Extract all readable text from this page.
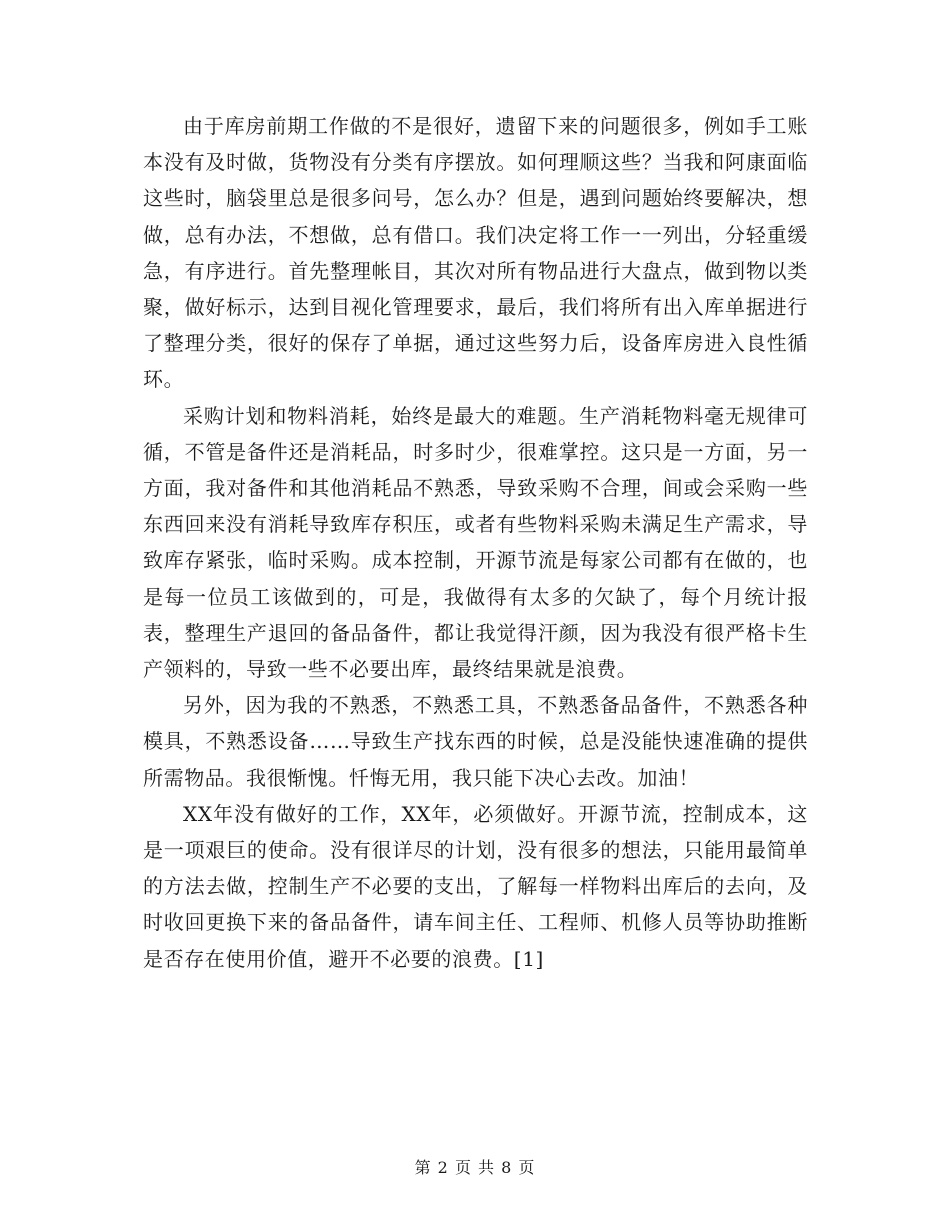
由于库房前期工作做的不是很好，遗留下来的问题很多，例如手工账本没有及时做，货物没有分类有序摆放。如何理顺这些？当我和阿康面临这些时，脑袋里总是很多问号，怎么办？但是，遇到问题始终要解决，想做，总有办法，不想做，总有借口。我们决定将工作一一列出，分轻重缓急，有序进行。首先整理帐目，其次对所有物品进行大盘点，做到物以类聚，做好标示，达到目视化管理要求，最后，我们将所有出入库单据进行了整理分类，很好的保存了单据，通过这些努力后，设备库房进入良性循环。

采购计划和物料消耗，始终是最大的难题。生产消耗物料毫无规律可循，不管是备件还是消耗品，时多时少，很难掌控。这只是一方面，另一方面，我对备件和其他消耗品不熟悉，导致采购不合理，间或会采购一些东西回来没有消耗导致库存积压，或者有些物料采购未满足生产需求，导致库存紧张，临时采购。成本控制，开源节流是每家公司都有在做的，也是每一位员工该做到的，可是，我做得有太多的欠缺了，每个月统计报表，整理生产退回的备品备件，都让我觉得汗颜，因为我没有很严格卡生产领料的，导致一些不必要出库，最终结果就是浪费。

另外，因为我的不熟悉，不熟悉工具，不熟悉备品备件，不熟悉各种模具，不熟悉设备……导致生产找东西的时候，总是没能快速准确的提供所需物品。我很惭愧。忏悔无用，我只能下决心去改。加油！

XX年没有做好的工作，XX年，必须做好。开源节流，控制成本，这是一项艰巨的使命。没有很详尽的计划，没有很多的想法，只能用最简单的方法去做，控制生产不必要的支出，了解每一样物料出库后的去向，及时收回更换下来的备品备件，请车间主任、工程师、机修人员等协助推断是否存在使用价值，避开不必要的浪费。[1]

第 2 页 共 8 页
